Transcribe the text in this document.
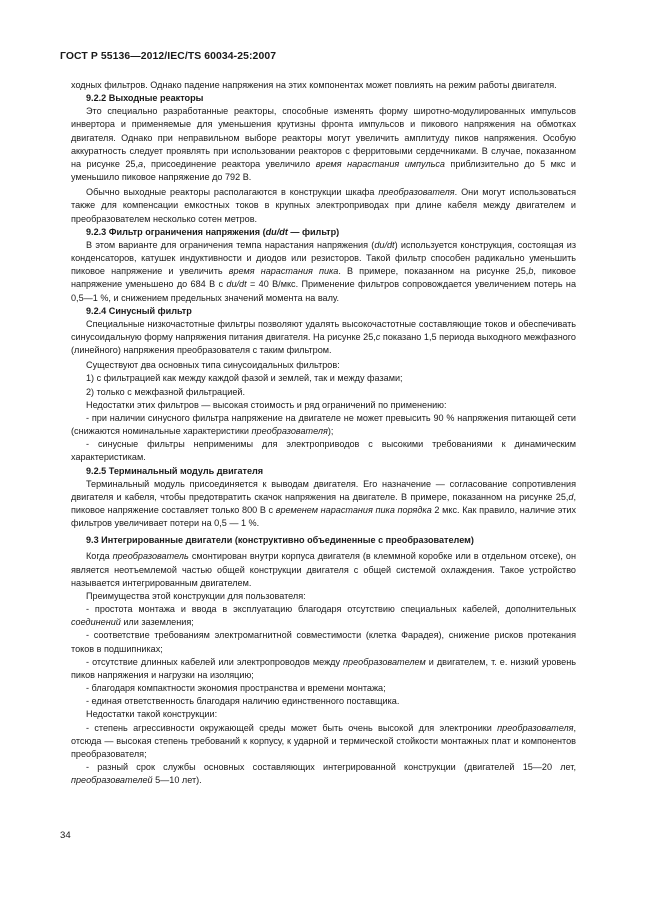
ГОСТ Р 55136—2012/IEC/TS 60034-25:2007

ходных фильтров. Однако падение напряжения на этих компонентах может повлиять на режим работы двигателя.

9.2.2 Выходные реакторы

Это специально разработанные реакторы, способные изменять форму широтно-модулированных импульсов инвертора и применяемые для уменьшения крутизны фронта импульсов и пикового напряжения на обмотках двигателя. Однако при неправильном выборе реакторы могут увеличить амплитуду пиков напряжения. Особую аккуратность следует проявлять при использовании реакторов с ферритовыми сердечниками. В случае, показанном на рисунке 25,a, присоединение реактора увеличило время нарастания импульса приблизительно до 5 мкс и уменьшило пиковое напряжение до 792 В.

Обычно выходные реакторы располагаются в конструкции шкафа преобразователя. Они могут использоваться также для компенсации емкостных токов в крупных электроприводах при длине кабеля между двигателем и преобразователем несколько сотен метров.

9.2.3 Фильтр ограничения напряжения (du/dt — фильтр)

В этом варианте для ограничения темпа нарастания напряжения (du/dt) используется конструкция, состоящая из конденсаторов, катушек индуктивности и диодов или резисторов. Такой фильтр способен радикально уменьшить пиковое напряжение и увеличить время нарастания пика. В примере, показанном на рисунке 25,b, пиковое напряжение уменьшено до 684 В с du/dt = 40 В/мкс. Применение фильтров сопровождается увеличением потерь на 0,5—1 %, и снижением предельных значений момента на валу.

9.2.4 Синусный фильтр

Специальные низкочастотные фильтры позволяют удалять высокочастотные составляющие токов и обеспечивать синусоидальную форму напряжения питания двигателя. На рисунке 25,c показано 1,5 периода выходного межфазного (линейного) напряжения преобразователя с таким фильтром.

Существуют два основных типа синусоидальных фильтров:

1) с фильтрацией как между каждой фазой и землей, так и между фазами;

2) только с межфазной фильтрацией.

Недостатки этих фильтров — высокая стоимость и ряд ограничений по применению:

- при наличии синусного фильтра напряжение на двигателе не может превысить 90 % напряжения питающей сети (снижаются номинальные характеристики преобразователя);

- синусные фильтры неприменимы для электроприводов с высокими требованиями к динамическим характеристикам.

9.2.5 Терминальный модуль двигателя

Терминальный модуль присоединяется к выводам двигателя. Его назначение — согласование сопротивления двигателя и кабеля, чтобы предотвратить скачок напряжения на двигателе. В примере, показанном на рисунке 25,d, пиковое напряжение составляет только 800 В с временем нарастания пика порядка 2 мкс. Как правило, наличие этих фильтров увеличивает потери на 0,5 — 1 %.

9.3 Интегрированные двигатели (конструктивно объединенные с преобразователем)

Когда преобразователь смонтирован внутри корпуса двигателя (в клеммной коробке или в отдельном отсеке), он является неотъемлемой частью общей конструкции двигателя с общей системой охлаждения. Такое устройство называется интегрированным двигателем.

Преимущества этой конструкции для пользователя:

- простота монтажа и ввода в эксплуатацию благодаря отсутствию специальных кабелей, дополнительных соединений или заземления;

- соответствие требованиям электромагнитной совместимости (клетка Фарадея), снижение рисков протекания токов в подшипниках;

- отсутствие длинных кабелей или электропроводов между преобразователем и двигателем, т. е. низкий уровень пиков напряжения и нагрузки на изоляцию;

- благодаря компактности экономия пространства и времени монтажа;

- единая ответственность благодаря наличию единственного поставщика.

Недостатки такой конструкции:

- степень агрессивности окружающей среды может быть очень высокой для электроники преобразователя, отсюда — высокая степень требований к корпусу, к ударной и термической стойкости монтажных плат и компонентов преобразователя;

- разный срок службы основных составляющих интегрированной конструкции (двигателей 15—20 лет, преобразователей 5—10 лет).

34
